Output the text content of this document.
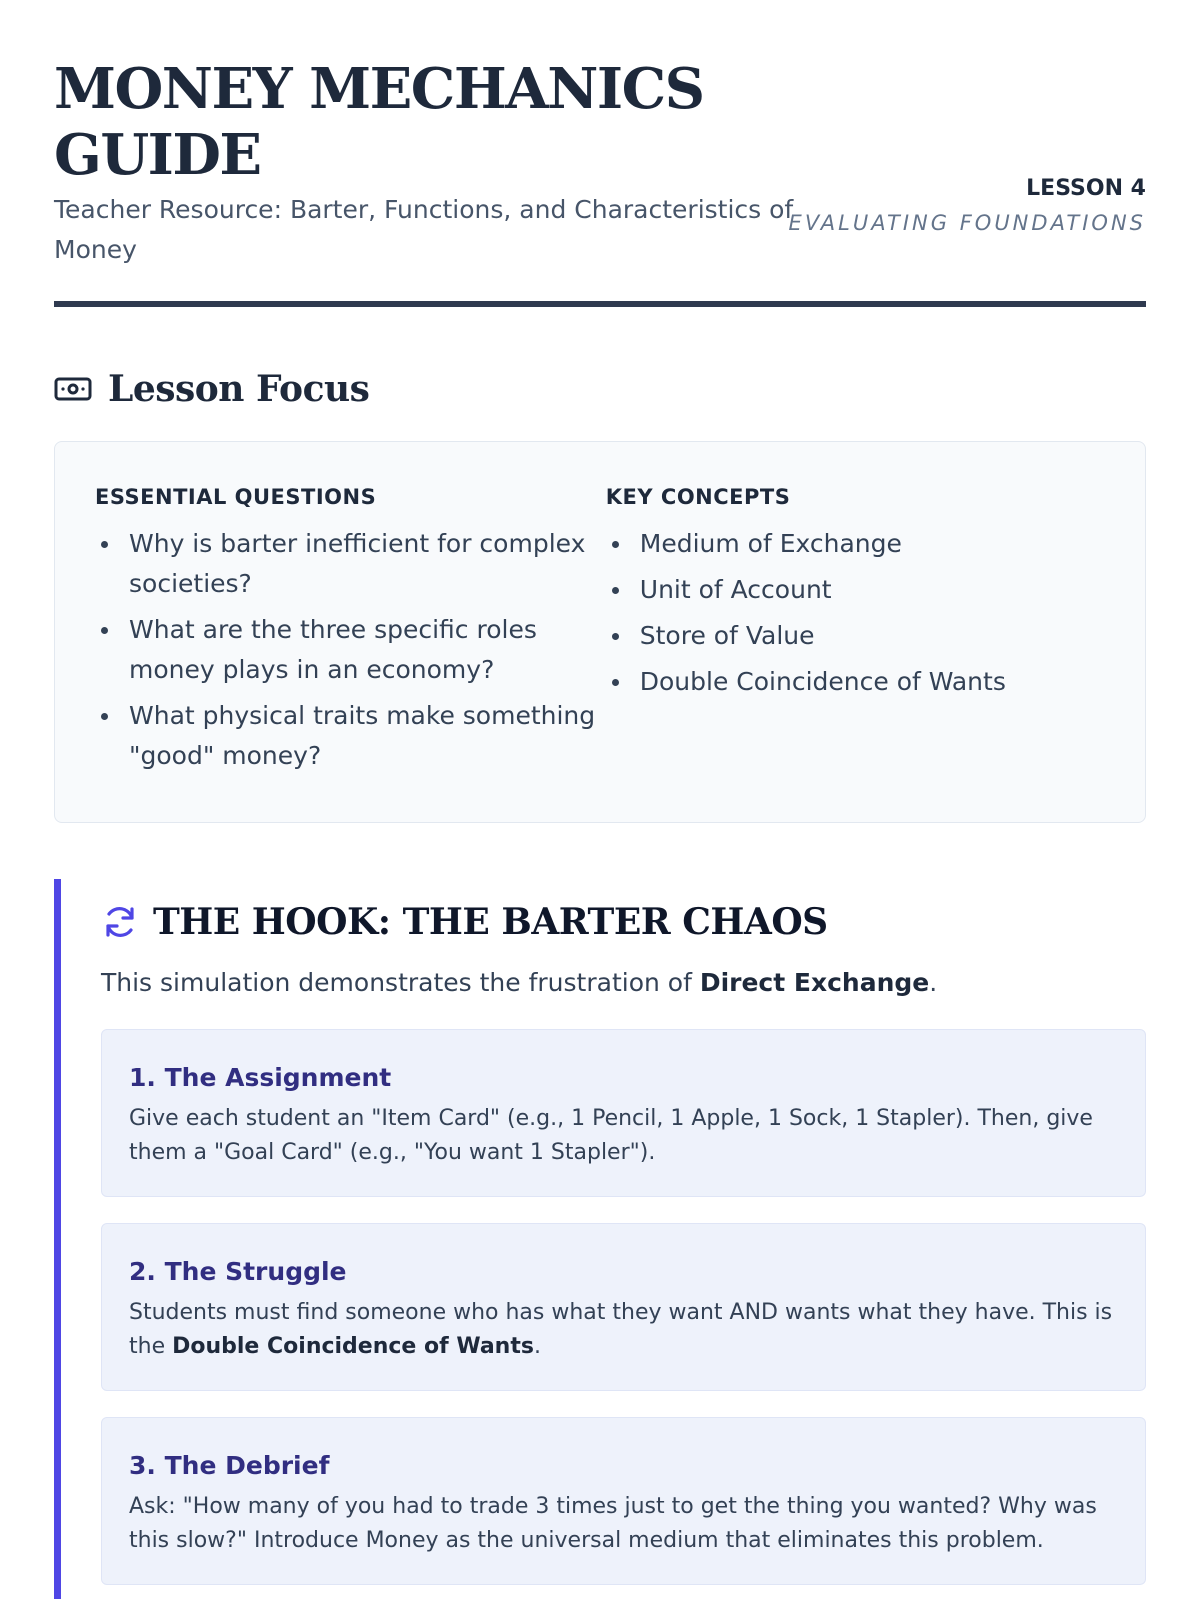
MONEY MECHANICS GUIDE

Teacher Resource: Barter, Functions, and Characteristics of Money

LESSON 4
EVALUATING FOUNDATIONS
Lesson Focus
ESSENTIAL QUESTIONS
Why is barter inefficient for complex societies?
What are the three specific roles money plays in an economy?
What physical traits make something "good" money?
KEY CONCEPTS
Medium of Exchange
Unit of Account
Store of Value
Double Coincidence of Wants
THE HOOK: THE BARTER CHAOS

This simulation demonstrates the frustration of Direct Exchange.

1. The Assignment
Give each student an "Item Card" (e.g., 1 Pencil, 1 Apple, 1 Sock, 1 Stapler). Then, give them a "Goal Card" (e.g., "You want 1 Stapler").
2. The Struggle
Students must find someone who has what they want AND wants what they have. This is the Double Coincidence of Wants.
3. The Debrief
Ask: "How many of you had to trade 3 times just to get the thing you wanted? Why was this slow?" Introduce Money as the universal medium that eliminates this problem.
